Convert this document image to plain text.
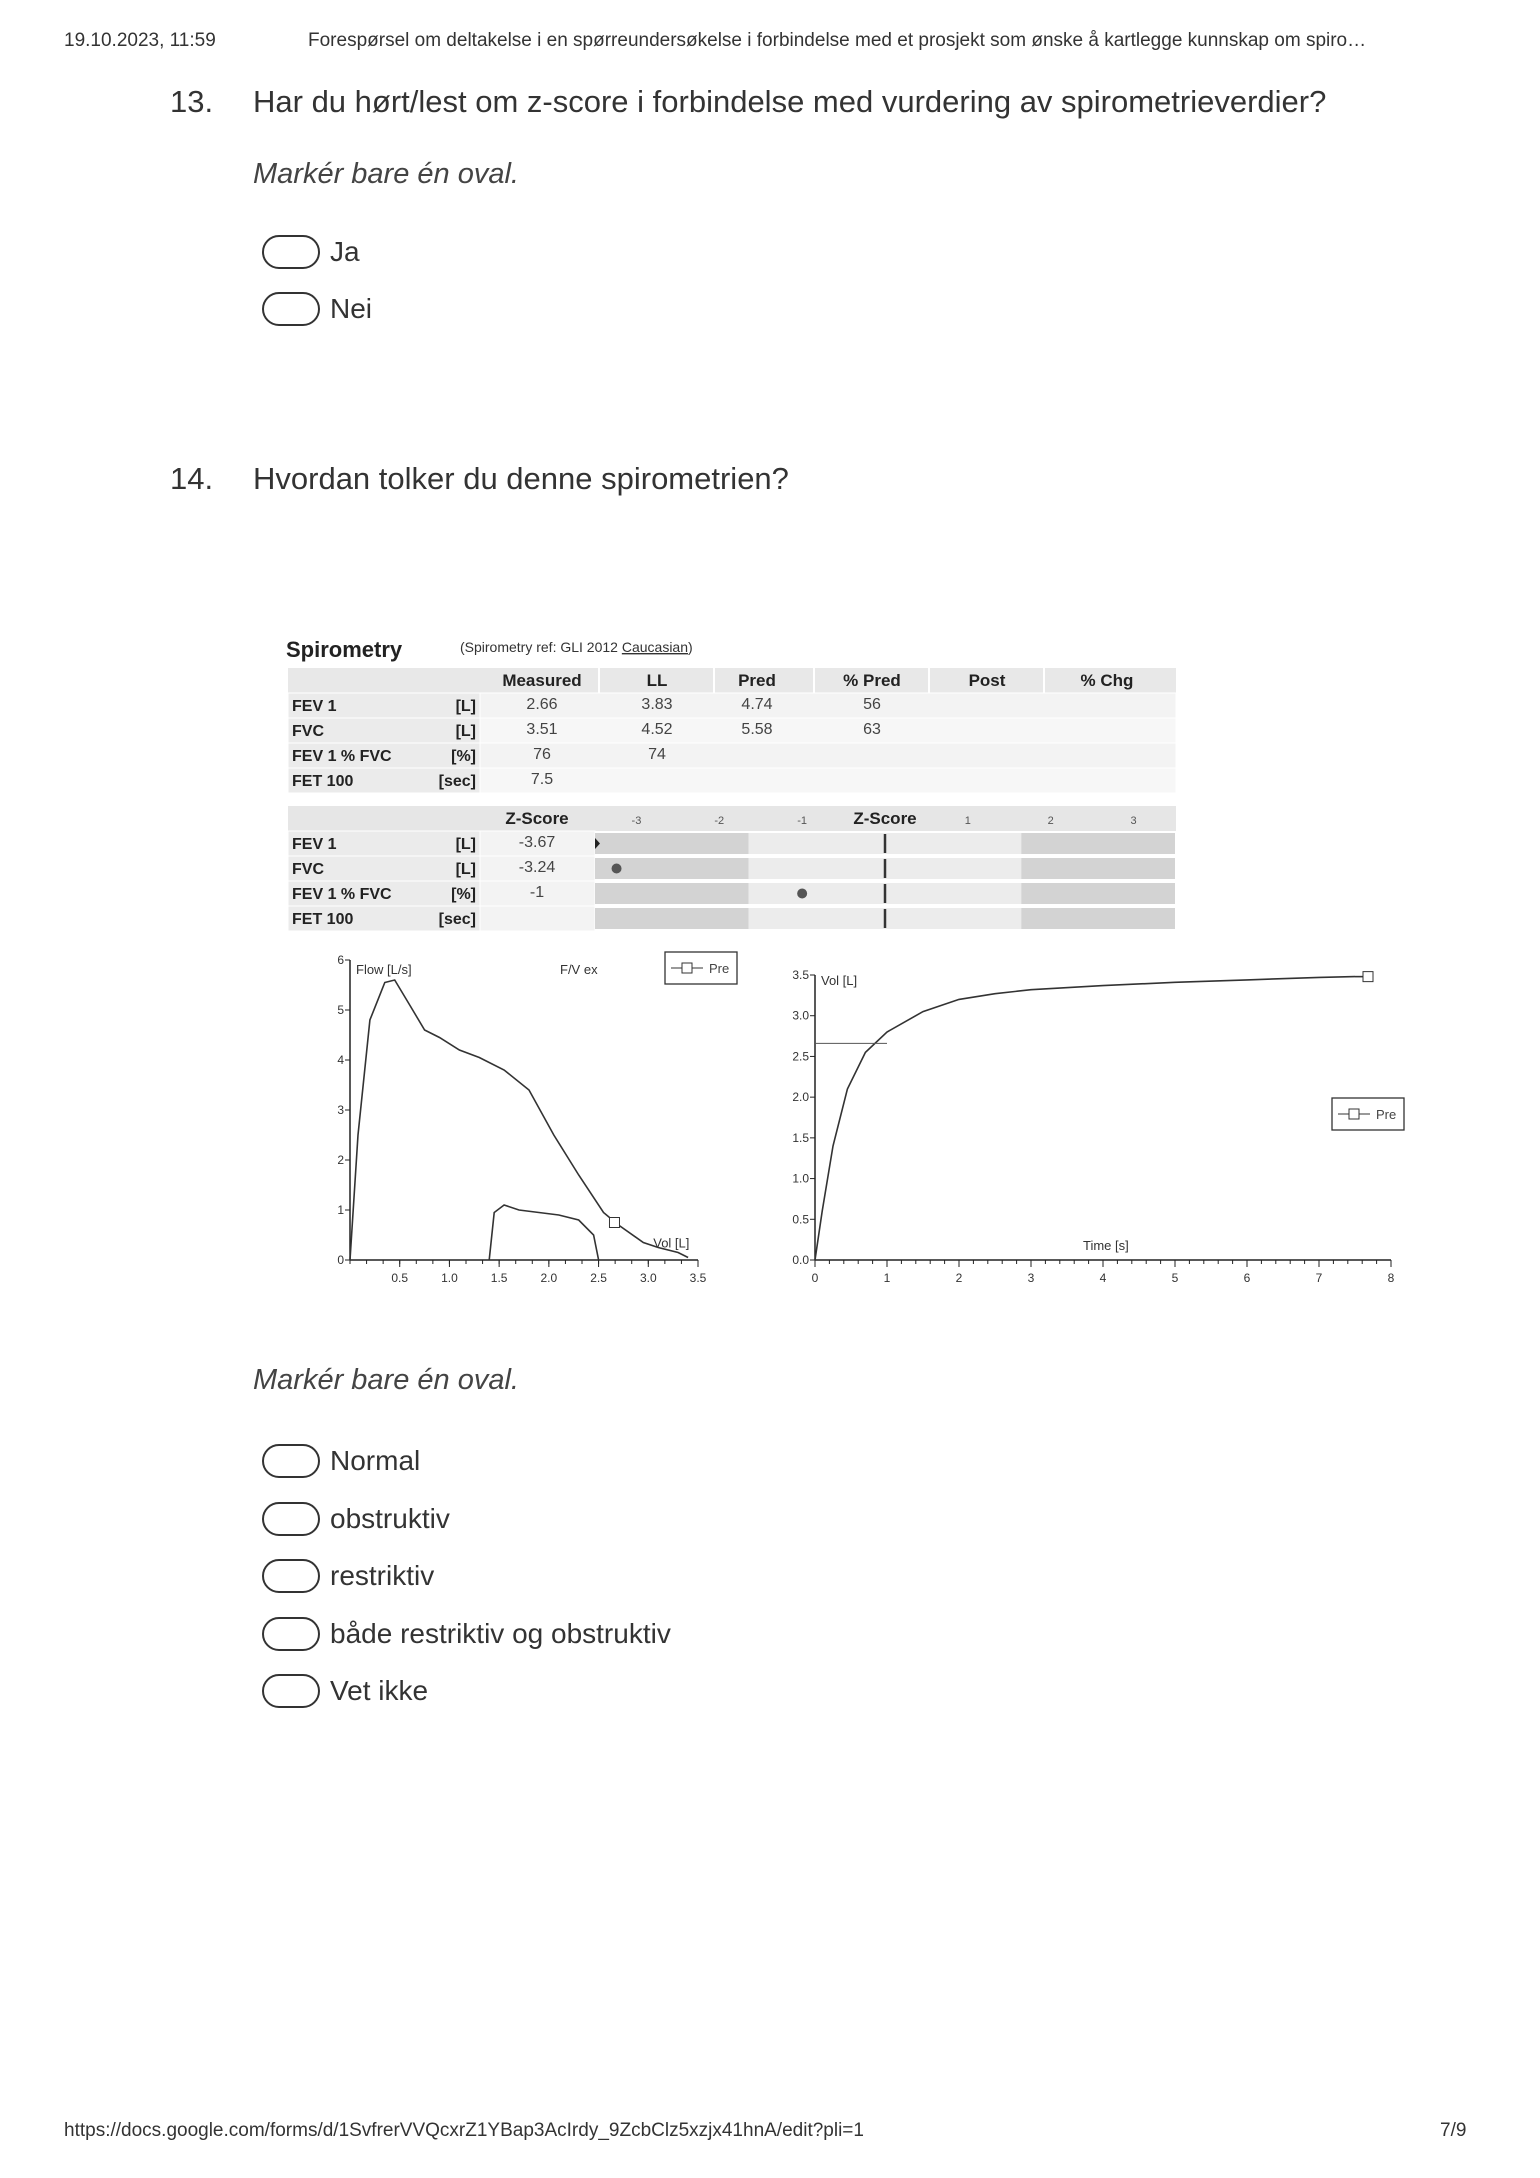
19.10.2023, 11:59	Forespørsel om deltakelse i en spørreundersøkelse i forbindelse med et prosjekt som ønske å kartlegge kunnskap om spiro…
13. Har du hørt/lest om z-score i forbindelse med vurdering av spirometrieverdier?
Markér bare én oval.
Ja
Nei
14. Hvordan tolker du denne spirometrien?
Spirometry	(Spirometry ref: GLI 2012 Caucasian)
Measured	LL	Pred	% Pred	Post	% Chg
FEV 1	[L]	2.66	3.83	4.74	56
FVC	[L]	3.51	4.52	5.58	63
FEV 1 % FVC	[%]	76	74
FET 100	[sec]	7.5
Z-Score	Z-Score
-3	-2	-1	1	2	3
FEV 1	[L]	-3.67
FVC	[L]	-3.24
FEV 1 % FVC	[%]	-1
FET 100	[sec]
0
1
2
3
4
5
6
0.5	1.0	1.5	2.0	2.5	3.0	3.5
Flow [L/s]	F/V ex
Vol [L]
Pre
0.0
0.5
1.0
1.5
2.0
2.5
3.0
3.5
0	1	2	3	4	5	6	7	8
Vol [L]
Time [s]
Pre
Markér bare én oval.
Normal
obstruktiv
restriktiv
både restriktiv og obstruktiv
Vet ikke
https://docs.google.com/forms/d/1SvfrerVVQcxrZ1YBap3AcIrdy_9ZcbClz5xzjx41hnA/edit?pli=1	7/9
